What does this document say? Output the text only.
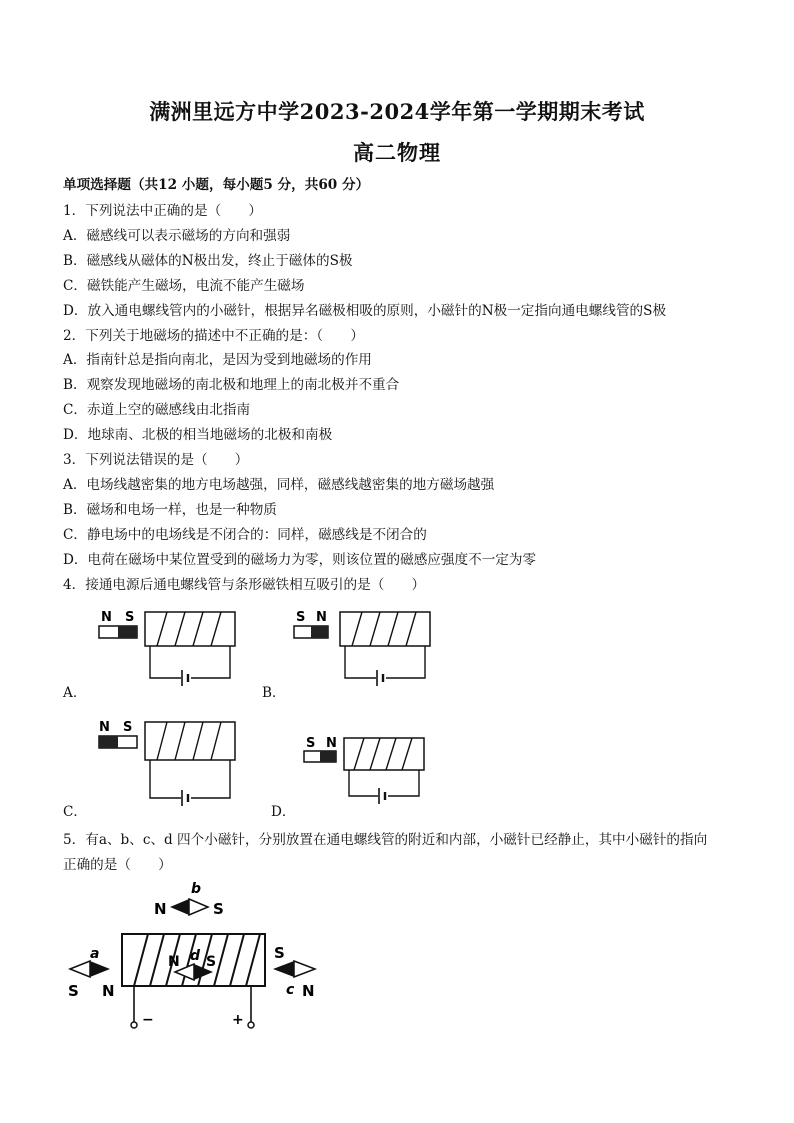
满洲里远方中学2023-2024学年第一学期期末考试
高二物理
单项选择题（共12 小题，每小题5 分，共60 分）
1．下列说法中正确的是（　　）
A．磁感线可以表示磁场的方向和强弱
B．磁感线从磁体的N极出发，终止于磁体的S极
C．磁铁能产生磁场，电流不能产生磁场
D．放入通电螺线管内的小磁针，根据异名磁极相吸的原则，小磁针的N极一定指向通电螺线管的S极
2．下列关于地磁场的描述中不正确的是：（　　）
A．指南针总是指向南北，是因为受到地磁场的作用
B．观察发现地磁场的南北极和地理上的南北极并不重合
C．赤道上空的磁感线由北指南
D．地球南、北极的相当地磁场的北极和南极
3．下列说法错误的是（　　）
A．电场线越密集的地方电场越强，同样，磁感线越密集的地方磁场越强
B．磁场和电场一样，也是一种物质
C．静电场中的电场线是不闭合的：同样，磁感线是不闭合的
D．电荷在磁场中某位置受到的磁场力为零，则该位置的磁感应强度不一定为零
4．接通电源后通电螺线管与条形磁铁相互吸引的是（　　）
N S
A．
S N
B．
N S
C．
S N
D．
5．有a、b、c、d 四个小磁针，分别放置在通电螺线管的附近和内部，小磁针已经静止，其中小磁针的指向
正确的是（　　）
b
N	S
N d S
a
S N
S
c N
−	+
